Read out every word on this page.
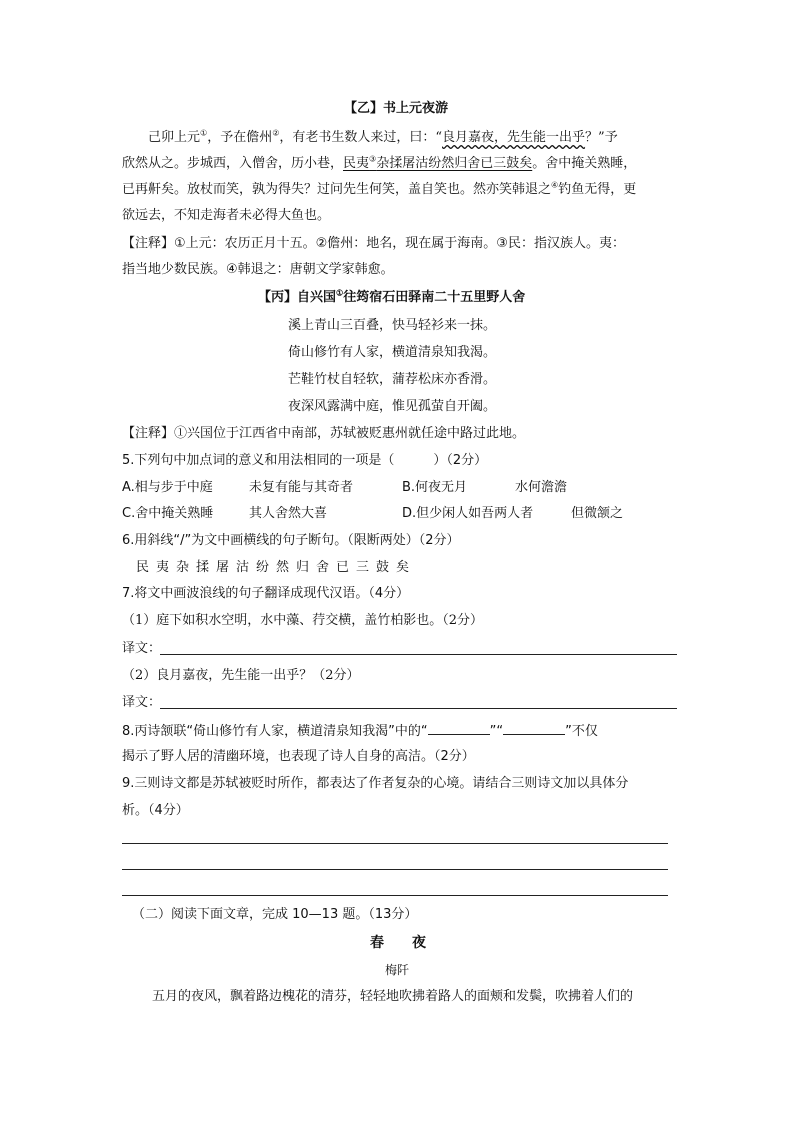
【乙】书上元夜游
己卯上元①，予在儋州②，有老书生数人来过，曰：“良月嘉夜，先生能一出乎？”予
欣然从之。步城西，入僧舍，历小巷，民夷③杂揉屠沽纷然归舍已三鼓矣。舍中掩关熟睡，
已再鼾矣。放杖而笑，孰为得失？过问先生何笑，盖自笑也。然亦笑韩退之④钓鱼无得，更
欲远去，不知走海者未必得大鱼也。
【注释】①上元：农历正月十五。②儋州：地名，现在属于海南。③民：指汉族人。夷：
指当地少数民族。④韩退之：唐朝文学家韩愈。
【丙】自兴国①往筠宿石田驿南二十五里野人舍
溪上青山三百叠，快马轻衫来一抹。
倚山修竹有人家，横道清泉知我渴。
芒鞋竹杖自轻软，蒲荐松床亦香滑。
夜深风露满中庭，惟见孤萤自开阖。
【注释】①兴国位于江西省中南部，苏轼被贬惠州就任途中路过此地。
5.下列句中加点词的意义和用法相同的一项是（　　　）（2分）
A.相与步于中庭	未复有能与其奇者	B.何夜无月	水何澹澹
C.舍中掩关熟睡	其人舍然大喜	D.但少闲人如吾两人者	但微颔之
6.用斜线“/”为文中画横线的句子断句。（限断两处）（2分）
民夷杂揉屠沽纷然归舍已三鼓矣
7.将文中画波浪线的句子翻译成现代汉语。（4分）
（1）庭下如积水空明，水中藻、荇交横，盖竹柏影也。（2分）
译文：
（2）良月嘉夜，先生能一出乎？（2分）
译文：
8.丙诗颔联“倚山修竹有人家，横道清泉知我渴”中的“	”“	”不仅
揭示了野人居的清幽环境，也表现了诗人自身的高洁。（2分）
9.三则诗文都是苏轼被贬时所作，都表达了作者复杂的心境。请结合三则诗文加以具体分
析。（4分）
（二）阅读下面文章，完成 10—13 题。（13分）
春　　夜
梅阡
五月的夜风，飘着路边槐花的清芬，轻轻地吹拂着路人的面颊和发鬓，吹拂着人们的
